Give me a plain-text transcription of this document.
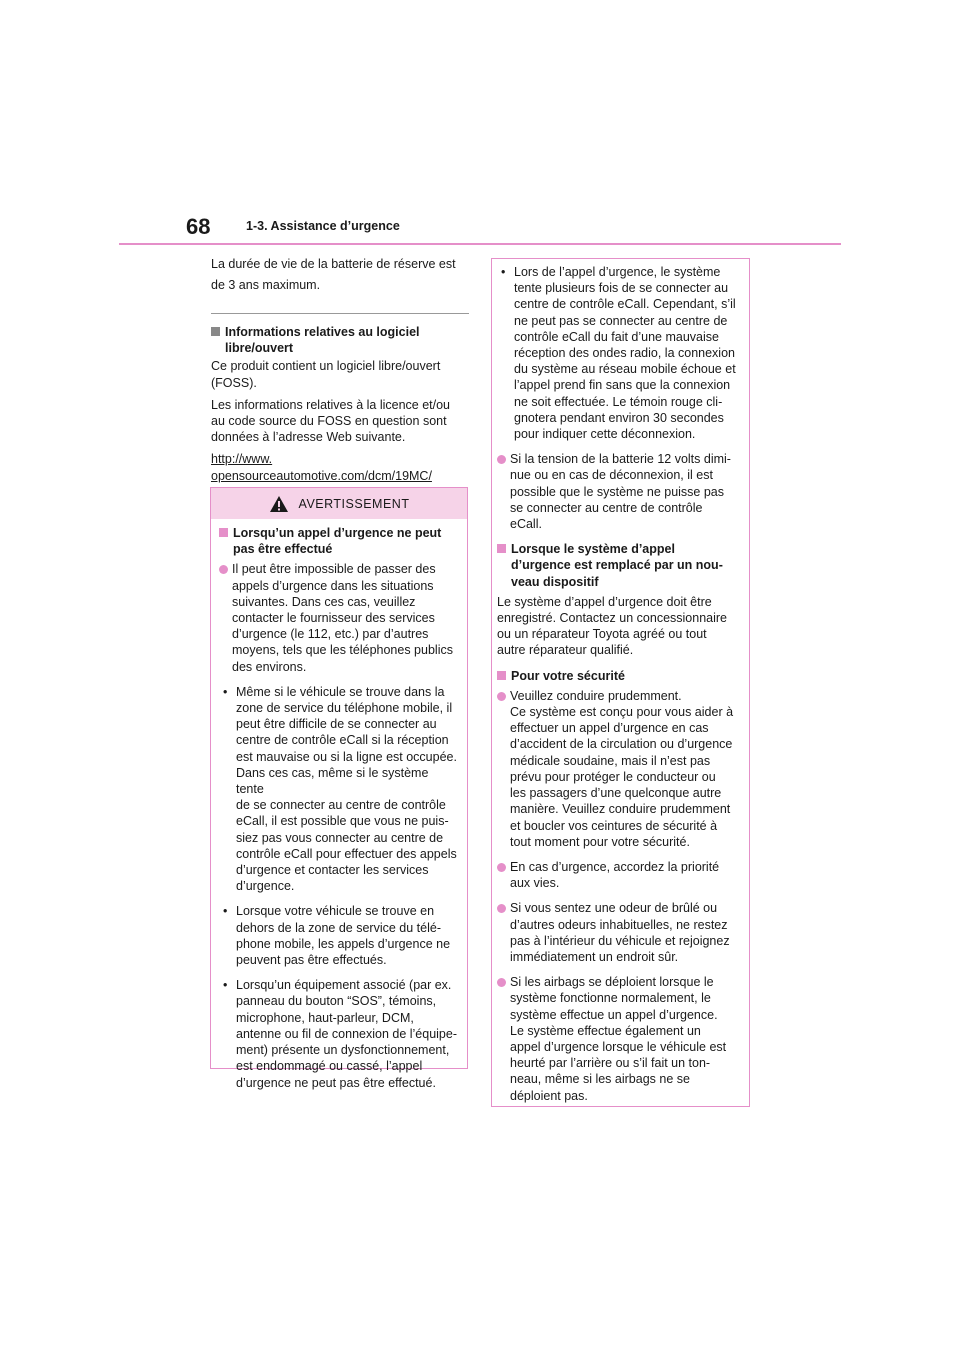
68	1-3. Assistance d’urgence

La durée de vie de la batterie de réserve est
de 3 ans maximum.

Informations relatives au logiciel
libre/ouvert

Ce produit contient un logiciel libre/ouvert
(FOSS).

Les informations relatives à la licence et/ou
au code source du FOSS en question sont
données à l’adresse Web suivante.

http://www.
opensourceautomotive.com/dcm/19MC/

AVERTISSEMENT
Lorsqu’un appel d’urgence ne peut
pas être effectué
Il peut être impossible de passer des
appels d’urgence dans les situations
suivantes. Dans ces cas, veuillez
contacter le fournisseur des services
d’urgence (le 112, etc.) par d’autres
moyens, tels que les téléphones publics
des environs.
• Même si le véhicule se trouve dans la
zone de service du téléphone mobile, il
peut être difficile de se connecter au
centre de contrôle eCall si la réception
est mauvaise ou si la ligne est occupée.
Dans ces cas, même si le système tente
de se connecter au centre de contrôle
eCall, il est possible que vous ne puis-
siez pas vous connecter au centre de
contrôle eCall pour effectuer des appels
d’urgence et contacter les services
d’urgence.
• Lorsque votre véhicule se trouve en
dehors de la zone de service du télé-
phone mobile, les appels d’urgence ne
peuvent pas être effectués.
• Lorsqu’un équipement associé (par ex.
panneau du bouton “SOS”, témoins,
microphone, haut-parleur, DCM,
antenne ou fil de connexion de l’équipe-
ment) présente un dysfonctionnement,
est endommagé ou cassé, l’appel
d’urgence ne peut pas être effectué.
• Lors de l’appel d’urgence, le système
tente plusieurs fois de se connecter au
centre de contrôle eCall. Cependant, s’il
ne peut pas se connecter au centre de
contrôle eCall du fait d’une mauvaise
réception des ondes radio, la connexion
du système au réseau mobile échoue et
l’appel prend fin sans que la connexion
ne soit effectuée. Le témoin rouge cli-
gnotera pendant environ 30 secondes
pour indiquer cette déconnexion.
Si la tension de la batterie 12 volts dimi-
nue ou en cas de déconnexion, il est
possible que le système ne puisse pas
se connecter au centre de contrôle
eCall.
Lorsque le système d’appel
d’urgence est remplacé par un nou-
veau dispositif

Le système d’appel d’urgence doit être
enregistré. Contactez un concessionnaire
ou un réparateur Toyota agréé ou tout
autre réparateur qualifié.

Pour votre sécurité
Veuillez conduire prudemment.
Ce système est conçu pour vous aider à
effectuer un appel d’urgence en cas
d’accident de la circulation ou d’urgence
médicale soudaine, mais il n’est pas
prévu pour protéger le conducteur ou
les passagers d’une quelconque autre
manière. Veuillez conduire prudemment
et boucler vos ceintures de sécurité à
tout moment pour votre sécurité.
En cas d’urgence, accordez la priorité
aux vies.
Si vous sentez une odeur de brûlé ou
d’autres odeurs inhabituelles, ne restez
pas à l’intérieur du véhicule et rejoignez
immédiatement un endroit sûr.
Si les airbags se déploient lorsque le
système fonctionne normalement, le
système effectue un appel d’urgence.
Le système effectue également un
appel d’urgence lorsque le véhicule est
heurté par l’arrière ou s’il fait un ton-
neau, même si les airbags ne se
déploient pas.
